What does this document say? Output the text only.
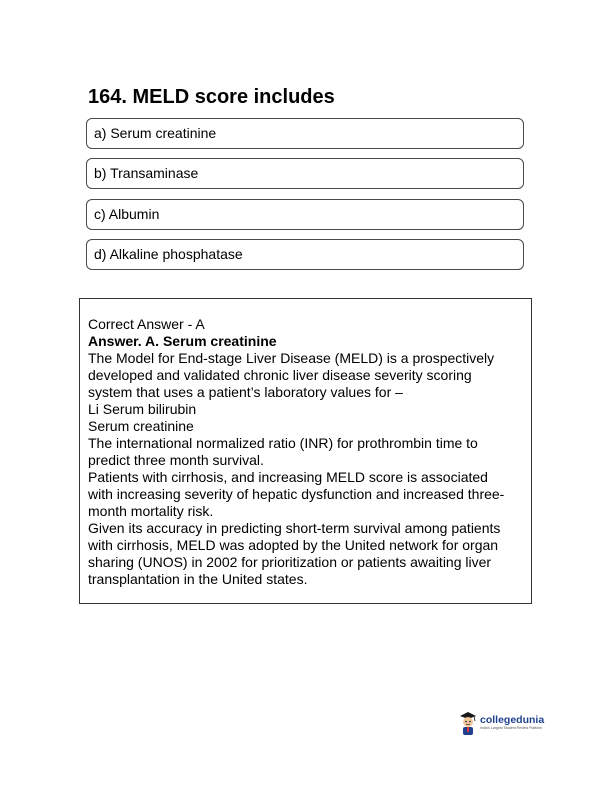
164. MELD score includes
a) Serum creatinine
b) Transaminase
c) Albumin
d) Alkaline phosphatase

Correct Answer - A

Answer. A. Serum creatinine

The Model for End-stage Liver Disease (MELD) is a prospectively

developed and validated chronic liver disease severity scoring

system that uses a patient’s laboratory values for –

Li Serum bilirubin

Serum creatinine

The international normalized ratio (INR) for prothrombin time to

predict three month survival.

Patients with cirrhosis, and increasing MELD score is associated

with increasing severity of hepatic dysfunction and increased three-

month mortality risk.

Given its accuracy in predicting short-term survival among patients

with cirrhosis, MELD was adopted by the United network for organ

sharing (UNOS) in 2002 for prioritization or patients awaiting liver

transplantation in the United states.

collegedunia
India's Largest Student Review Platform
